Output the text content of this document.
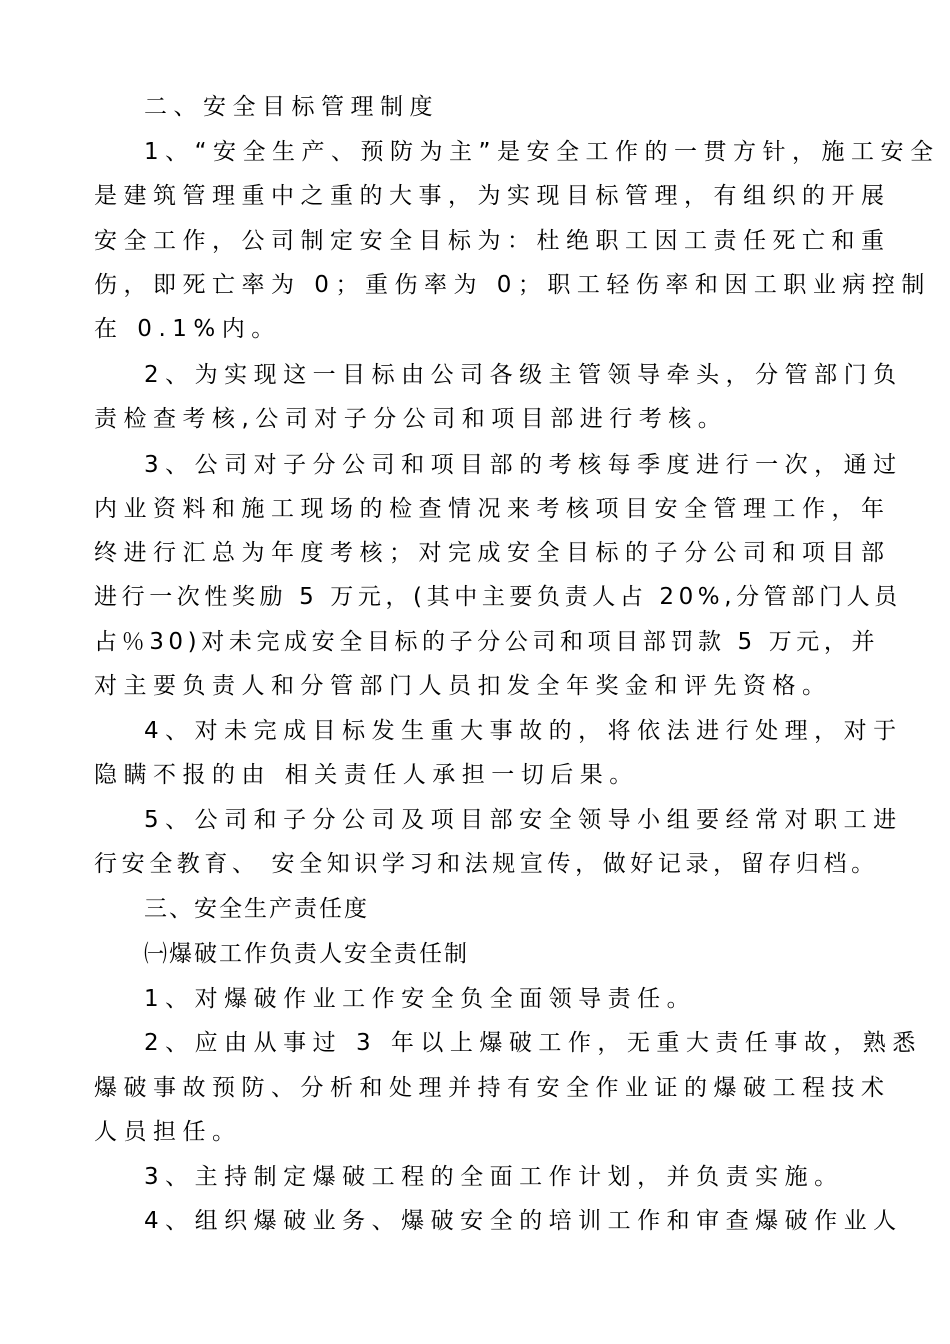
二、安全目标管理制度
1、“安全生产、预防为主”是安全工作的一贯方针，施工安全
是建筑管理重中之重的大事，为实现目标管理，有组织的开展
安全工作，公司制定安全目标为：杜绝职工因工责任死亡和重
伤，即死亡率为 0；重伤率为 0；职工轻伤率和因工职业病控制
在 0.1%内。
2、为实现这一目标由公司各级主管领导牵头，分管部门负
责检查考核,公司对子分公司和项目部进行考核。
3、公司对子分公司和项目部的考核每季度进行一次，通过
内业资料和施工现场的检查情况来考核项目安全管理工作，年
终进行汇总为年度考核；对完成安全目标的子分公司和项目部
进行一次性奖励 5 万元，(其中主要负责人占 20%,分管部门人员
占％30)对未完成安全目标的子分公司和项目部罚款 5 万元，并
对主要负责人和分管部门人员扣发全年奖金和评先资格。
4、对未完成目标发生重大事故的，将依法进行处理，对于
隐瞒不报的由 相关责任人承担一切后果。
5、公司和子分公司及项目部安全领导小组要经常对职工进
行安全教育、 安全知识学习和法规宣传，做好记录，留存归档。
三、安全生产责任度
㈠爆破工作负责人安全责任制
1、对爆破作业工作安全负全面领导责任。
2、应由从事过 3 年以上爆破工作，无重大责任事故，熟悉
爆破事故预防、分析和处理并持有安全作业证的爆破工程技术
人员担任。
3、主持制定爆破工程的全面工作计划，并负责实施。
4、组织爆破业务、爆破安全的培训工作和审查爆破作业人
